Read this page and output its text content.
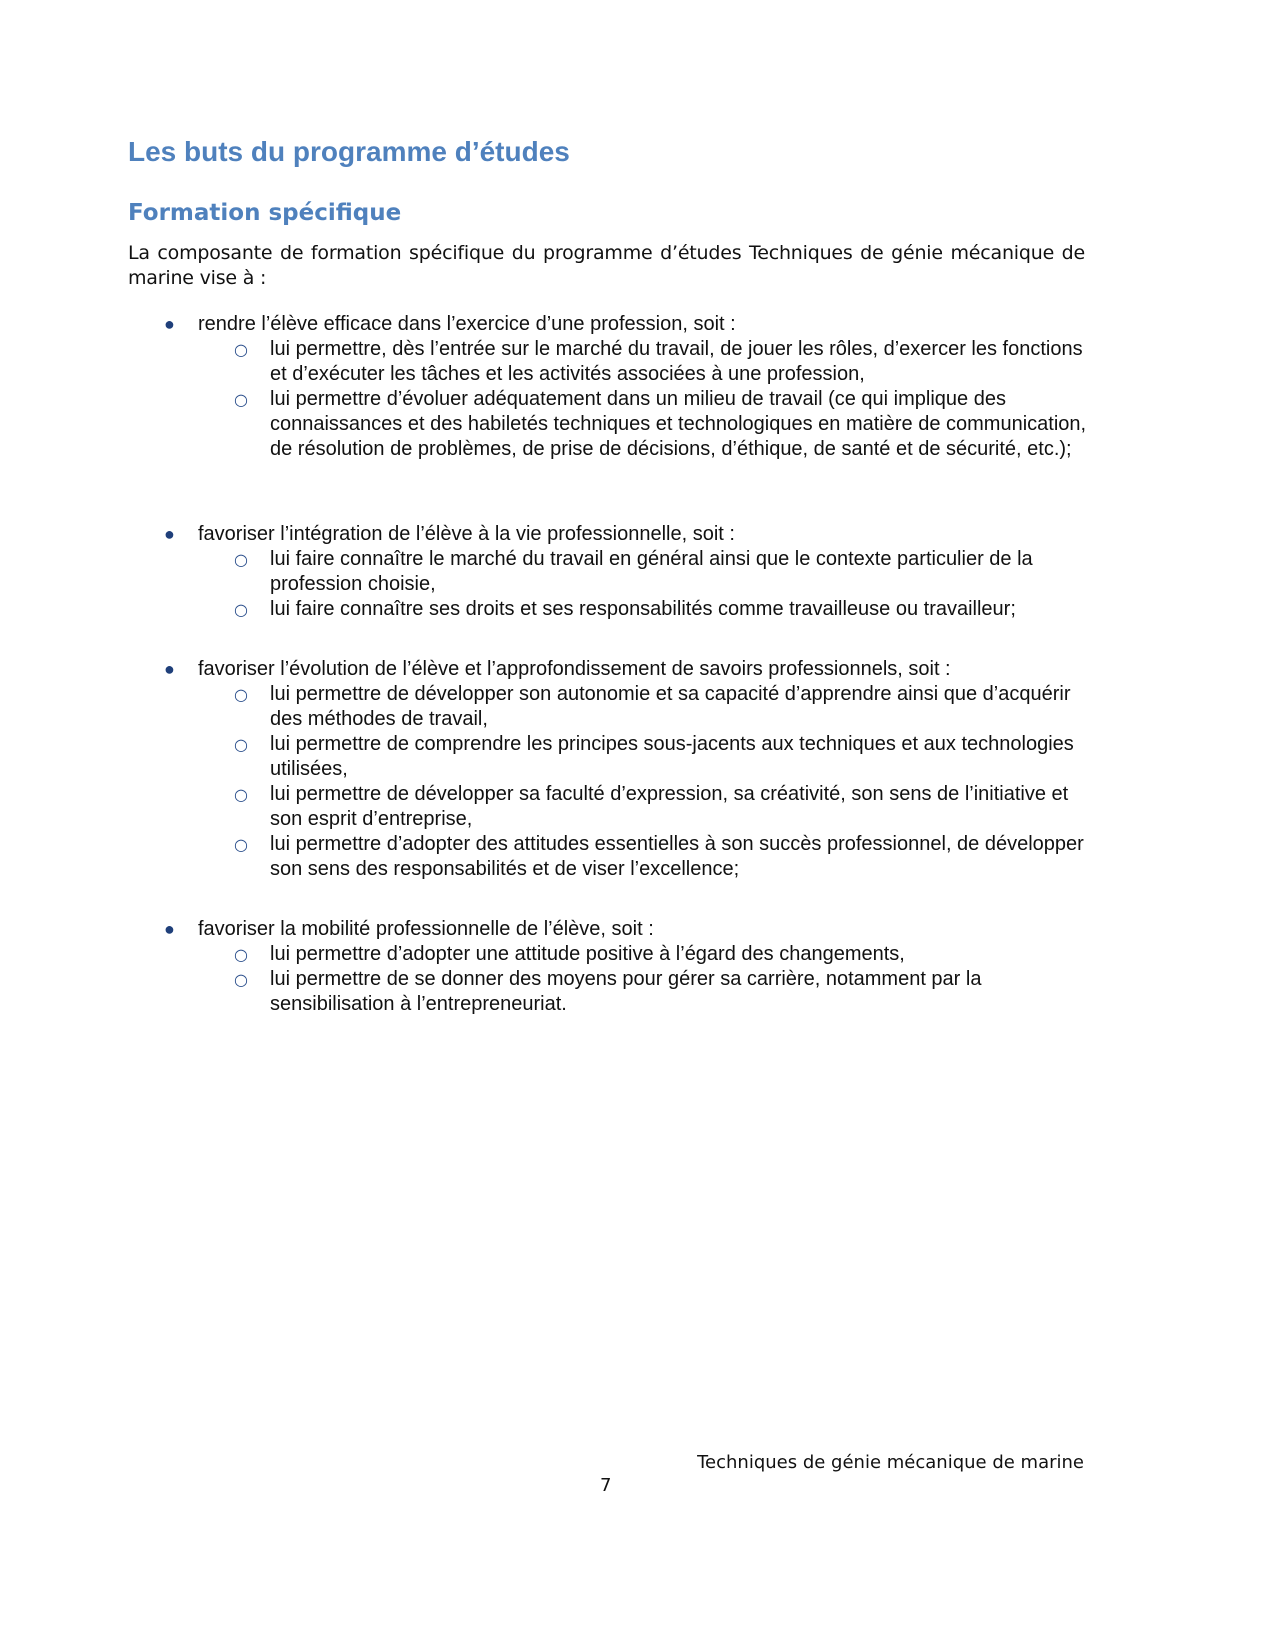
Les buts du programme d’études
Formation spécifique

La composante de formation spécifique du programme d’études Techniques de génie mécanique de marine vise à :

● rendre l’élève efficace dans l’exercice d’une profession, soit :
○ lui permettre, dès l’entrée sur le marché du travail, de jouer les rôles, d’exercer les fonctions et d’exécuter les tâches et les activités associées à une profession,
○ lui permettre d’évoluer adéquatement dans un milieu de travail (ce qui implique des connaissances et des habiletés techniques et technologiques en matière de communication, de résolution de problèmes, de prise de décisions, d’éthique, de santé et de sécurité, etc.);
● favoriser l’intégration de l’élève à la vie professionnelle, soit :
○ lui faire connaître le marché du travail en général ainsi que le contexte particulier de la profession choisie,
○ lui faire connaître ses droits et ses responsabilités comme travailleuse ou travailleur;
● favoriser l’évolution de l’élève et l’approfondissement de savoirs professionnels, soit :
○ lui permettre de développer son autonomie et sa capacité d’apprendre ainsi que d’acquérir des méthodes de travail,
○ lui permettre de comprendre les principes sous-jacents aux techniques et aux technologies utilisées,
○ lui permettre de développer sa faculté d’expression, sa créativité, son sens de l’initiative et son esprit d’entreprise,
○ lui permettre d’adopter des attitudes essentielles à son succès professionnel, de développer son sens des responsabilités et de viser l’excellence;
● favoriser la mobilité professionnelle de l’élève, soit :
○ lui permettre d’adopter une attitude positive à l’égard des changements,
○ lui permettre de se donner des moyens pour gérer sa carrière, notamment par la sensibilisation à l’entrepreneuriat.
Techniques de génie mécanique de marine
7
